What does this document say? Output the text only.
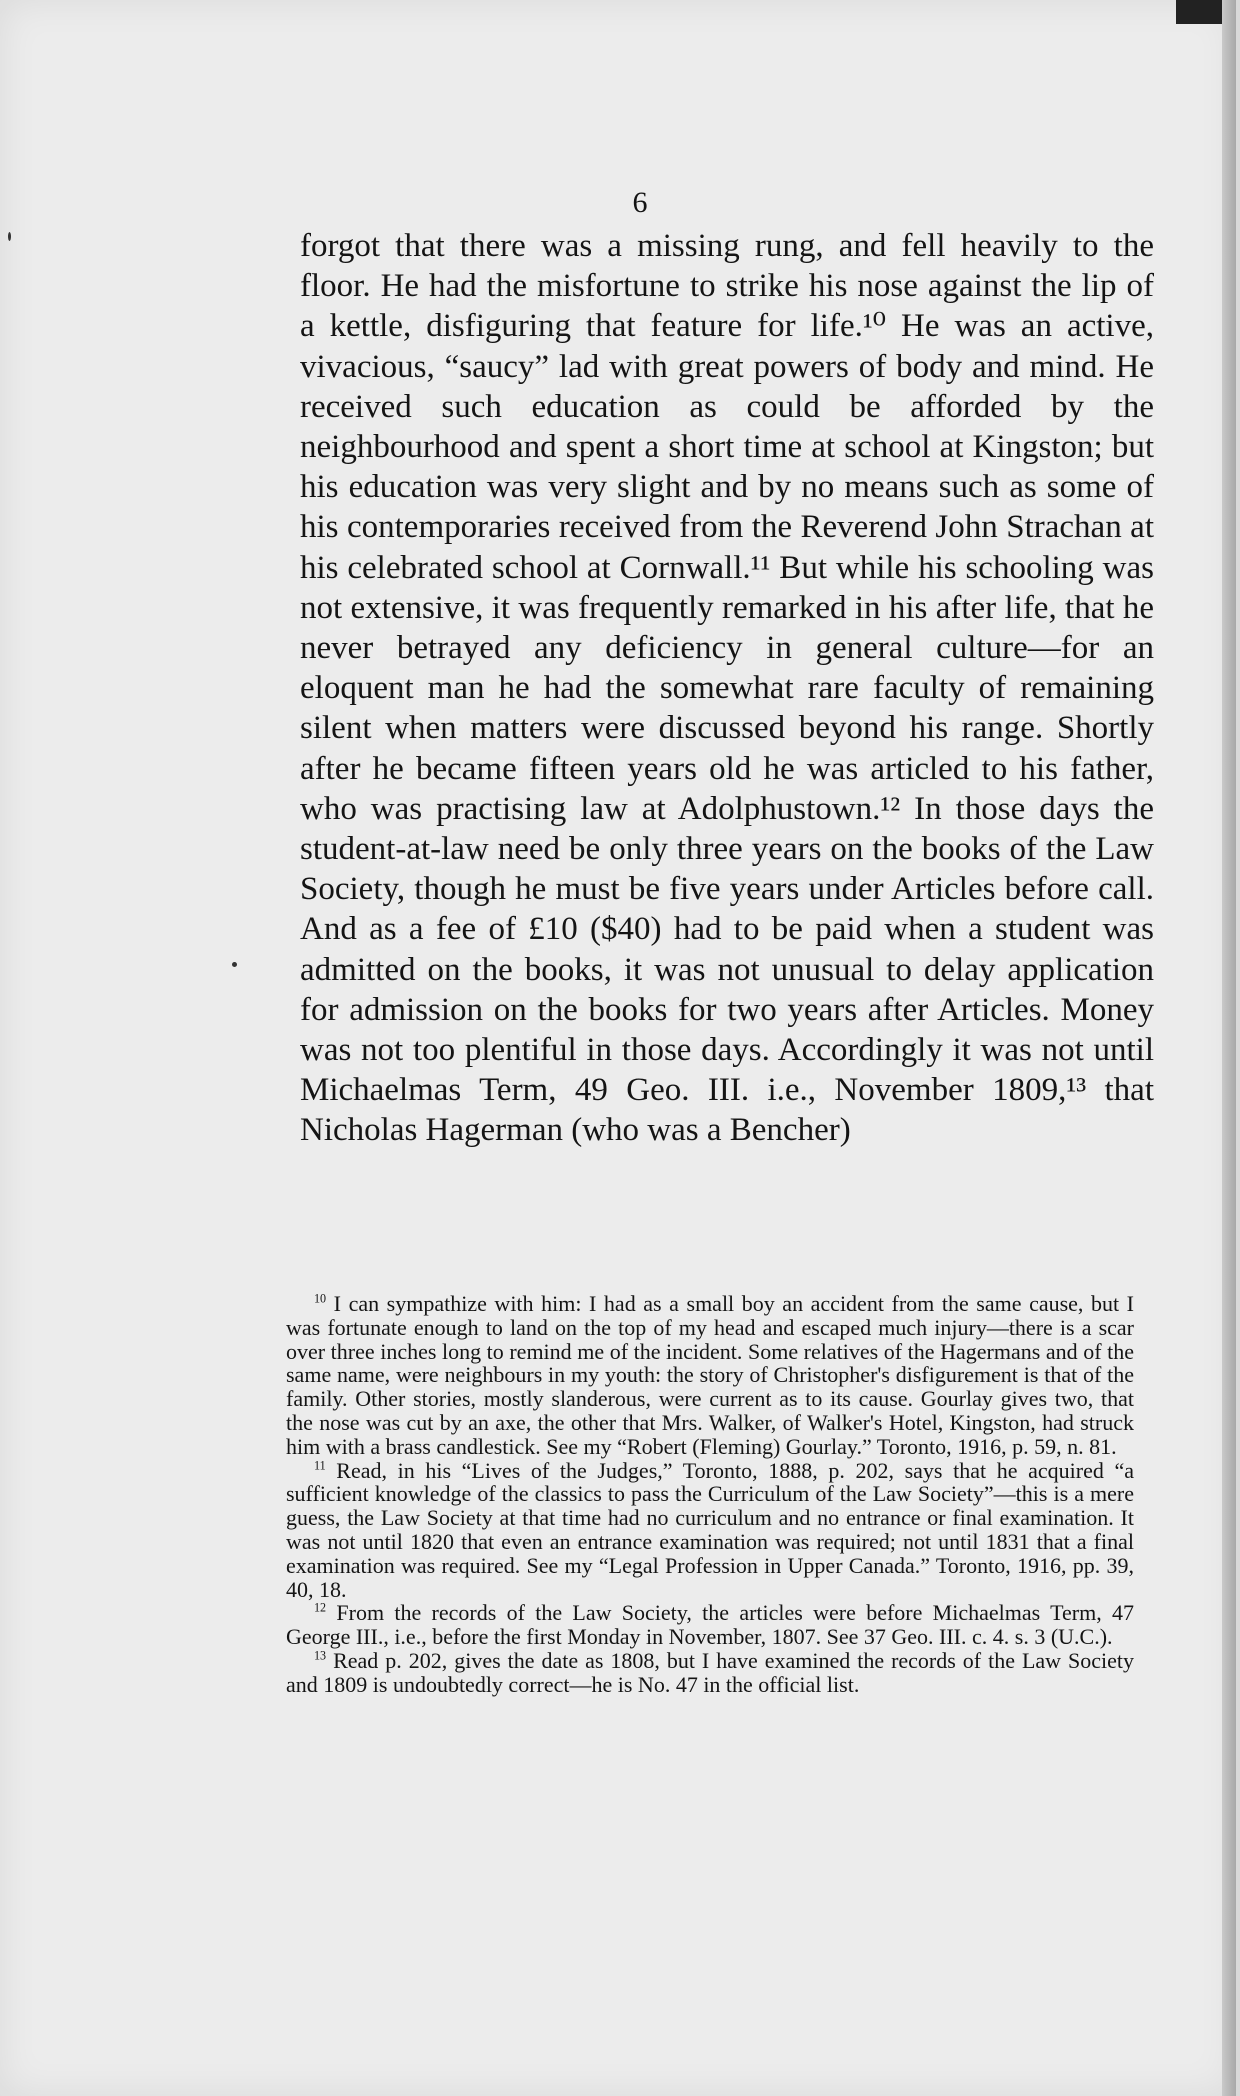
6

forgot that there was a missing rung, and fell heavily to the floor. He had the misfortune to strike his nose against the lip of a kettle, disfiguring that feature for life.¹⁰ He was an active, vivacious, “saucy” lad with great powers of body and mind. He received such education as could be afforded by the neighbourhood and spent a short time at school at Kingston; but his education was very slight and by no means such as some of his contemporaries received from the Reverend John Strachan at his celebrated school at Cornwall.¹¹ But while his schooling was not extensive, it was frequently remarked in his after life, that he never betrayed any deficiency in general culture—for an eloquent man he had the somewhat rare faculty of remaining silent when matters were discussed beyond his range. Shortly after he became fifteen years old he was articled to his father, who was practising law at Adolphustown.¹² In those days the student-at-law need be only three years on the books of the Law Society, though he must be five years under Articles before call. And as a fee of £10 ($40) had to be paid when a student was admitted on the books, it was not unusual to delay application for admission on the books for two years after Articles. Money was not too plentiful in those days. Accordingly it was not until Michaelmas Term, 49 Geo. III. i.e., November 1809,¹³ that Nicholas Hagerman (who was a Bencher)

$^{10}$ I can sympathize with him: I had as a small boy an accident from the same cause, but I was fortunate enough to land on the top of my head and escaped much injury—there is a scar over three inches long to remind me of the incident. Some relatives of the Hagermans and of the same name, were neighbours in my youth: the story of Christopher's disfigurement is that of the family. Other stories, mostly slanderous, were current as to its cause. Gourlay gives two, that the nose was cut by an axe, the other that Mrs. Walker, of Walker's Hotel, Kingston, had struck him with a brass candlestick. See my “Robert (Fleming) Gourlay.” Toronto, 1916, p. 59, n. 81.

$^{11}$ Read, in his “Lives of the Judges,” Toronto, 1888, p. 202, says that he acquired “a sufficient knowledge of the classics to pass the Curriculum of the Law Society”—this is a mere guess, the Law Society at that time had no curriculum and no entrance or final examination. It was not until 1820 that even an entrance examination was required; not until 1831 that a final examination was required. See my “Legal Profession in Upper Canada.” Toronto, 1916, pp. 39, 40, 18.

$^{12}$ From the records of the Law Society, the articles were before Michaelmas Term, 47 George III., i.e., before the first Monday in November, 1807. See 37 Geo. III. c. 4. s. 3 (U.C.).

$^{13}$ Read p. 202, gives the date as 1808, but I have examined the records of the Law Society and 1809 is undoubtedly correct—he is No. 47 in the official list.
